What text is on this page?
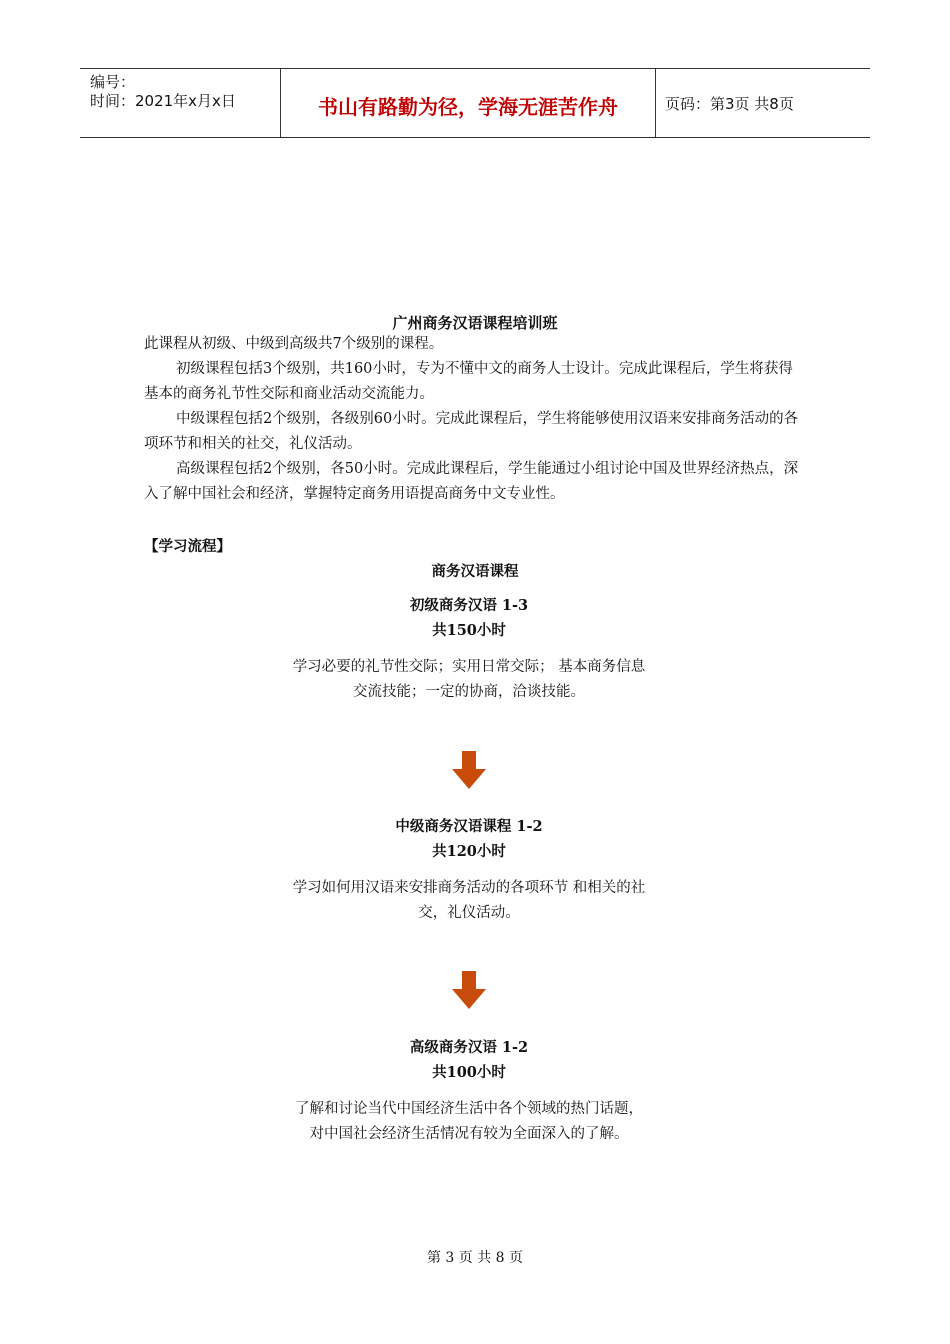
编号：
时间：2021年x月x日	书山有路勤为径，学海无涯苦作舟	页码：第3页 共8页
广州商务汉语课程培训班

此课程从初级、中级到高级共7个级别的课程。

初级课程包括3个级别，共160小时，专为不懂中文的商务人士设计。完成此课程后，学生将获得基本的商务礼节性交际和商业活动交流能力。

中级课程包括2个级别，各级别60小时。完成此课程后，学生将能够使用汉语来安排商务活动的各项环节和相关的社交，礼仪活动。

高级课程包括2个级别，各50小时。完成此课程后，学生能通过小组讨论中国及世界经济热点，深入了解中国社会和经济，掌握特定商务用语提高商务中文专业性。

【学习流程】
商务汉语课程
初级商务汉语 1-3
共150小时
学习必要的礼节性交际；实用日常交际； 基本商务信息交流技能；一定的协商，洽谈技能。
中级商务汉语课程 1-2
共120小时
学习如何用汉语来安排商务活动的各项环节 和相关的社交，礼仪活动。
高级商务汉语 1-2
共100小时
了解和讨论当代中国经济生活中各个领域的热门话题， 对中国社会经济生活情况有较为全面深入的了解。
第 3 页 共 8 页
